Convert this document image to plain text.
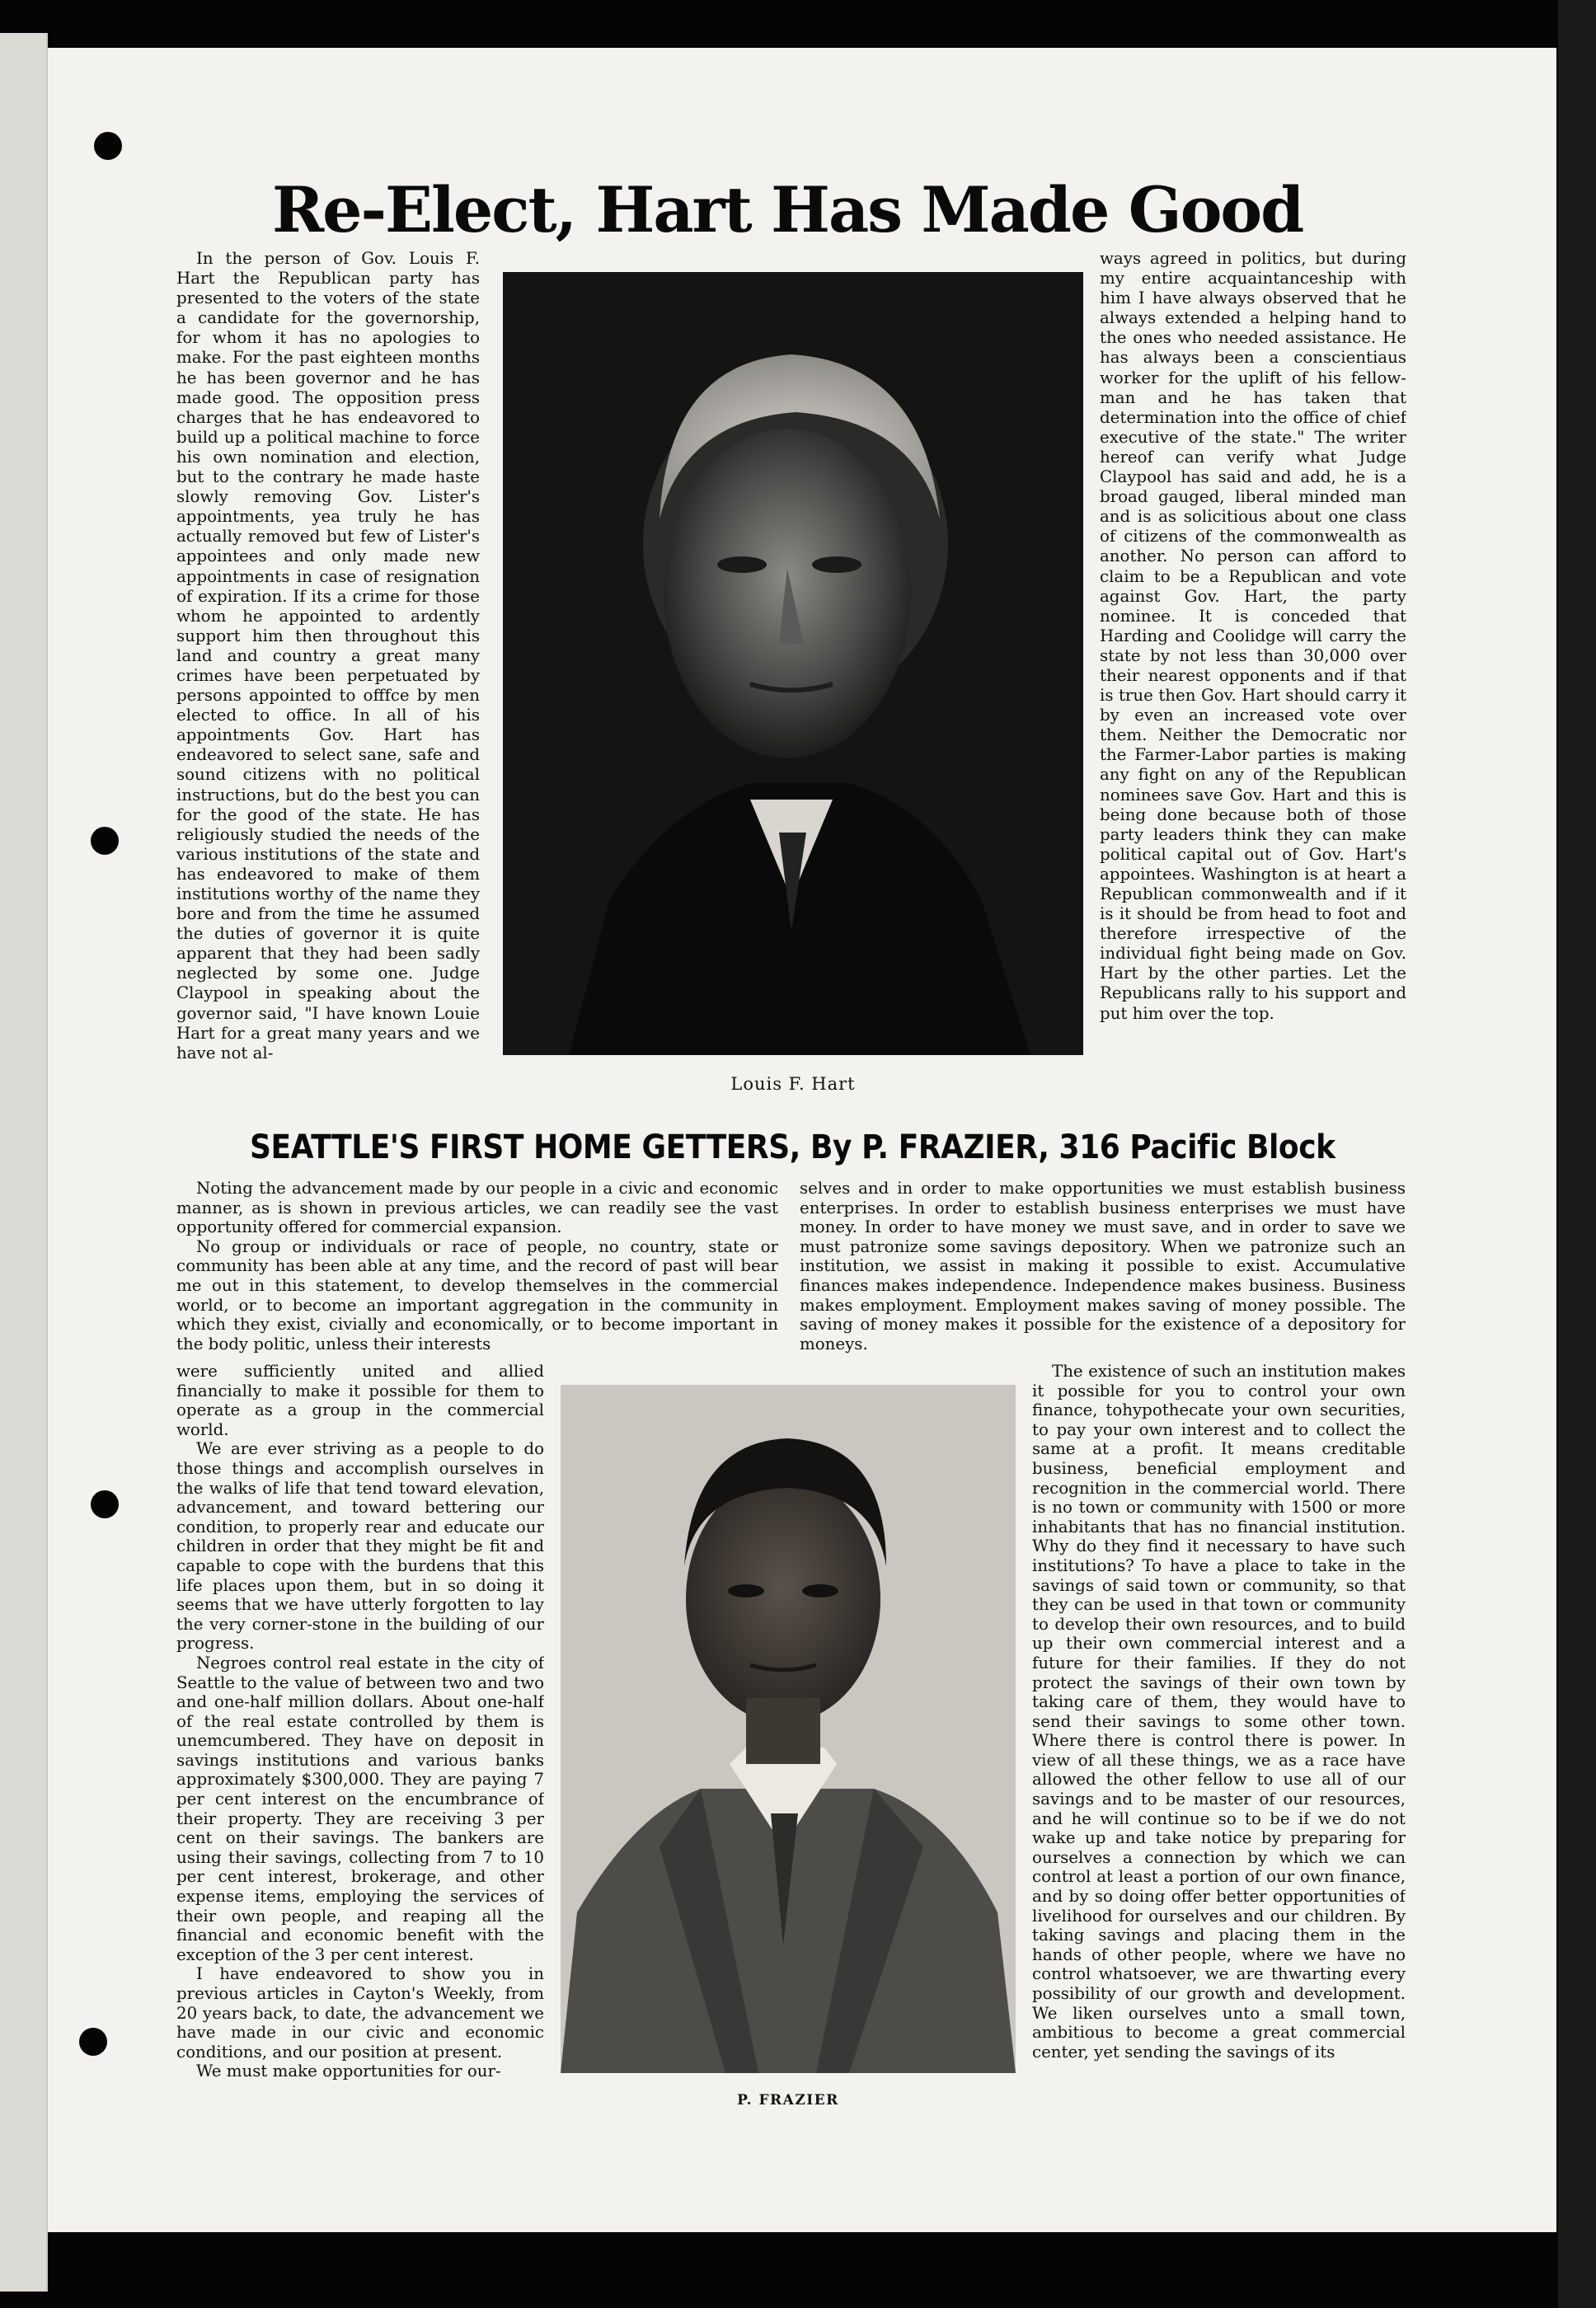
Re-Elect, Hart Has Made Good

In the person of Gov. Louis F. Hart the Republican party has presented to the voters of the state a candidate for the governorship, for whom it has no apologies to make. For the past eighteen months he has been governor and he has made good. The opposition press charges that he has endeavored to build up a political machine to force his own nomination and election, but to the contrary he made haste slowly removing Gov. Lister's appointments, yea truly he has actually removed but few of Lister's appointees and only made new appointments in case of resignation of expiration. If its a crime for those whom he appointed to ardently support him then throughout this land and country a great many crimes have been perpetuated by persons appointed to offfce by men elected to office. In all of his appointments Gov. Hart has endeavored to select sane, safe and sound citizens with no political instructions, but do the best you can for the good of the state. He has religiously studied the needs of the various institutions of the state and has endeavored to make of them institutions worthy of the name they bore and from the time he assumed the duties of governor it is quite apparent that they had been sadly neglected by some one. Judge Claypool in speaking about the governor said, "I have known Louie Hart for a great many years and we have not al-

Louis F. Hart

ways agreed in politics, but during my entire acquaintanceship with him I have always observed that he always extended a helping hand to the ones who needed assistance. He has always been a conscientiaus worker for the uplift of his fellow-man and he has taken that determination into the office of chief executive of the state." The writer hereof can verify what Judge Claypool has said and add, he is a broad gauged, liberal minded man and is as solicitious about one class of citizens of the commonwealth as another. No person can afford to claim to be a Republican and vote against Gov. Hart, the party nominee. It is conceded that Harding and Coolidge will carry the state by not less than 30,000 over their nearest opponents and if that is true then Gov. Hart should carry it by even an increased vote over them. Neither the Democratic nor the Farmer-Labor parties is making any fight on any of the Republican nominees save Gov. Hart and this is being done because both of those party leaders think they can make political capital out of Gov. Hart's appointees. Washington is at heart a Republican commonwealth and if it is it should be from head to foot and therefore irrespective of the individual fight being made on Gov. Hart by the other parties. Let the Republicans rally to his support and put him over the top.

SEATTLE'S FIRST HOME GETTERS, By P. FRAZIER, 316 Pacific Block

Noting the advancement made by our people in a civic and economic manner, as is shown in previous articles, we can readily see the vast opportunity offered for commercial expansion.

No group or individuals or race of people, no country, state or community has been able at any time, and the record of past will bear me out in this statement, to develop themselves in the commercial world, or to become an important aggregation in the community in which they exist, civially and economically, or to become important in the body politic, unless their interests

selves and in order to make opportunities we must establish business enterprises. In order to establish business enterprises we must have money. In order to have money we must save, and in order to save we must patronize some savings depository. When we patronize such an institution, we assist in making it possible to exist. Accumulative finances makes independence. Independence makes business. Business makes employment. Employment makes saving of money possible. The saving of money makes it possible for the existence of a depository for moneys.

were sufficiently united and allied financially to make it possible for them to operate as a group in the commercial world.

We are ever striving as a people to do those things and accomplish ourselves in the walks of life that tend toward elevation, advancement, and toward bettering our condition, to properly rear and educate our children in order that they might be fit and capable to cope with the burdens that this life places upon them, but in so doing it seems that we have utterly forgotten to lay the very corner-stone in the building of our progress.

Negroes control real estate in the city of Seattle to the value of between two and two and one-half million dollars. About one-half of the real estate controlled by them is unemcumbered. They have on deposit in savings institutions and various banks approximately $300,000. They are paying 7 per cent interest on the encumbrance of their property. They are receiving 3 per cent on their savings. The bankers are using their savings, collecting from 7 to 10 per cent interest, brokerage, and other expense items, employing the services of their own people, and reaping all the financial and economic benefit with the exception of the 3 per cent interest.

I have endeavored to show you in previous articles in Cayton's Weekly, from 20 years back, to date, the advancement we have made in our civic and economic conditions, and our position at present.

We must make opportunities for our-

P. FRAZIER

The existence of such an institution makes it possible for you to control your own finance, tohypothecate your own securities, to pay your own interest and to collect the same at a profit. It means creditable business, beneficial employment and recognition in the commercial world. There is no town or community with 1500 or more inhabitants that has no financial institution. Why do they find it necessary to have such institutions? To have a place to take in the savings of said town or community, so that they can be used in that town or community to develop their own resources, and to build up their own commercial interest and a future for their families. If they do not protect the savings of their own town by taking care of them, they would have to send their savings to some other town. Where there is control there is power. In view of all these things, we as a race have allowed the other fellow to use all of our savings and to be master of our resources, and he will continue so to be if we do not wake up and take notice by preparing for ourselves a connection by which we can control at least a portion of our own finance, and by so doing offer better opportunities of livelihood for ourselves and our children. By taking savings and placing them in the hands of other people, where we have no control whatsoever, we are thwarting every possibility of our growth and development. We liken ourselves unto a small town, ambitious to become a great commercial center, yet sending the savings of its
